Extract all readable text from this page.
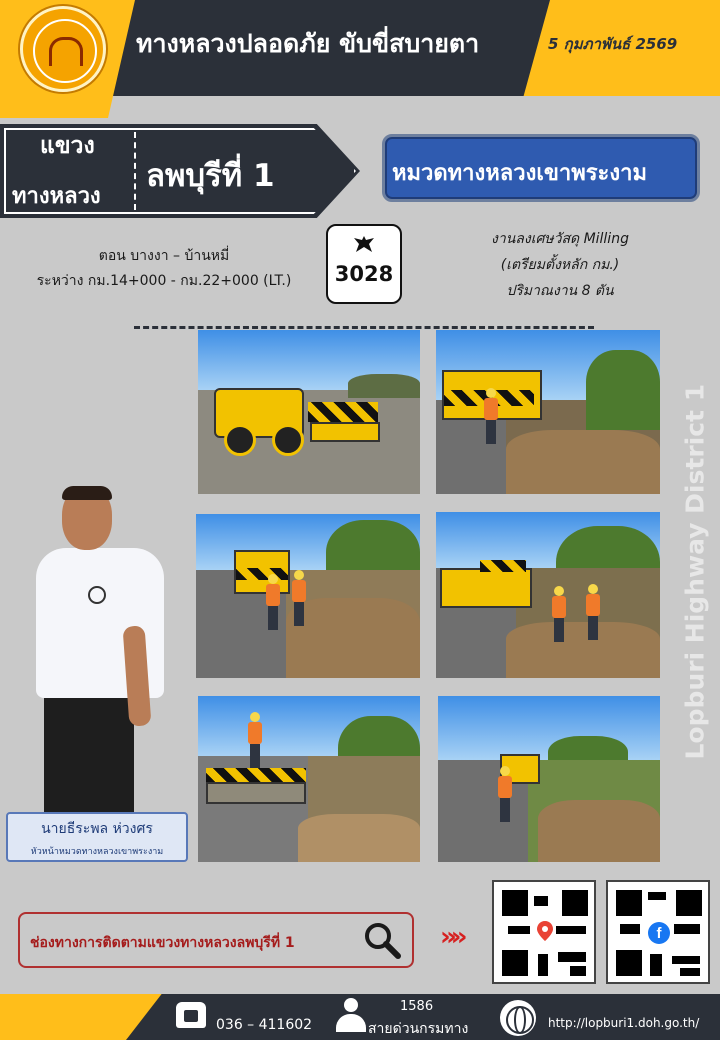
ทางหลวงปลอดภัย ขับขี่สบายตา	5 กุมภาพันธ์ 2569
แขวง
ทางหลวง
ลพบุรีที่ 1	หมวดทางหลวงเขาพระงาม
ตอน บางงา – บ้านหมี่
ระหว่าง กม.14+000 - กม.22+000 (LT.)	3028
งานลงเศษวัสดุ Milling
(เตรียมตั้งหลัก กม.)
ปริมาณงาน 8 ตัน
นายธีระพล ห่วงศร
หัวหน้าหมวดทางหลวงเขาพระงาม
Lopburi Highway District 1
ช่องทางการติดตามแขวงทางหลวงลพบุรีที่ 1	»»	f
036 – 411602
1586
สายด่วนกรมทาง	http://lopburi1.doh.go.th/
